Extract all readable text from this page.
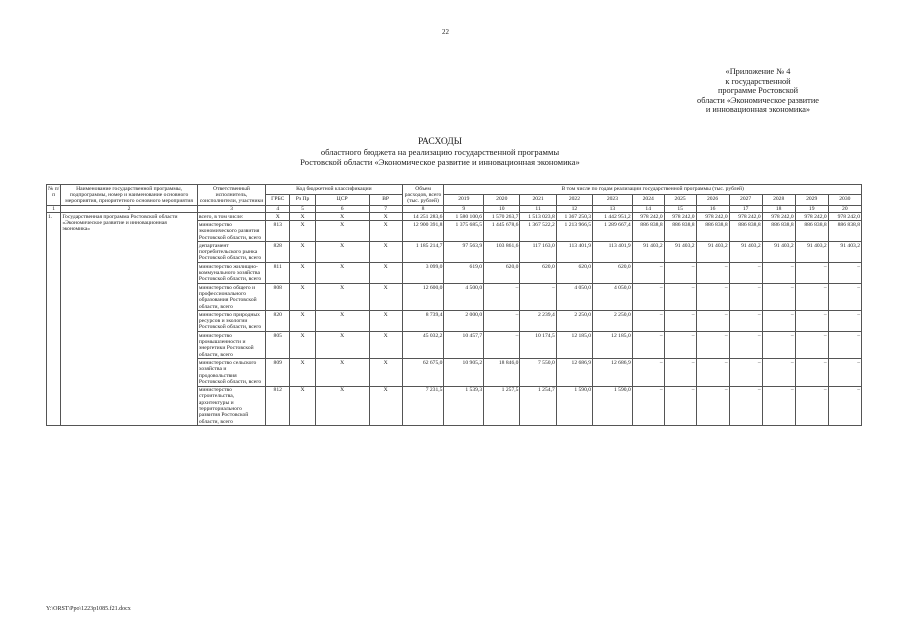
22
«Приложение № 4
к государственной
программе Ростовской
области «Экономическое развитие
и инновационная экономика»
РАСХОДЫ
областного бюджета на реализацию государственной программы
Ростовской области «Экономическое развитие и инновационная экономика»
№ п/п	Наименование государственной программы, подпрограммы, номер и наименование основного мероприятия, приоритетного основного мероприятия	Ответственный исполнитель, соисполнители, участники	Код бюджетной классификации				Объем расходов, всего (тыс. рублей)	В том числе по годам реализации государственной программы (тыс. рублей)											
			ГРБС	Рз Пр	ЦСР	ВР		2019	2020	2021	2022	2023	2024	2025	2026	2027	2028	2029	2030
1	2	3	4	5	6	7	8	9	10	11	12	13	14	15	16	17	18	19	20
1.	Государственная программа Ростовской области «Экономическое развитие и инновационная экономика»	всего, в том числе:	Х	Х	Х	Х	14 251 283,6	1 580 100,6	1 570 263,7	1 513 023,8	1 367 250,3	1 442 951,2	978 242,0	978 242,0	978 242,0	978 242,0	978 242,0	978 242,0	978 242,0
		министерство экономического развития Ростовской области, всего	813	Х	Х	Х	12 900 391,8	1 375 685,5	1 445 678,6	1 367 522,2	1 213 966,5	1 289 667,4	886 838,8	886 838,8	886 838,8	886 838,8	886 838,8	886 838,8	886 838,8
		департамент потребительского рынка Ростовской области, всего	828	Х	Х	Х	1 185 214,7	97 563,9	103 861,6	117 163,0	113 401,9	113 401,9	91 403,2	91 403,2	91 403,2	91 403,2	91 403,2	91 403,2	91 403,2
		министерство жилищно-коммунального хозяйства Ростовской области, всего	811	Х	Х	Х	3 099,0	619,0	620,0	620,0	620,0	620,0	–	–	–	–	–	–	–
		министерство общего и профессионального образования Ростовской области, всего	808	Х	Х	Х	12 600,0	4 500,0	–	–	4 050,0	4 050,0	–	–	–	–	–	–	–
		министерство природных ресурсов и экологии Ростовской области, всего	820	Х	Х	Х	8 739,4	2 000,0	–	2 239,4	2 250,0	2 250,0	–	–	–	–	–	–	–
		министерство промышленности и энергетики Ростовской области, всего	805	Х	Х	Х	45 032,2	10 457,7	–	10 174,5	12 185,0	12 185,0	–	–	–	–	–	–	–
		министерство сельского хозяйства и продовольствия Ростовской области, всего	809	Х	Х	Х	62 675,0	10 905,2	18 846,0	7 550,0	12 686,9	12 686,9	–	–	–	–	–	–	–
		министерство строительства, архитектуры и территориального развития Ростовской области, всего	812	Х	Х	Х	7 231,5	1 539,3	1 257,5	1 254,7	1 590,0	1 590,0	–	–	–	–	–	–	–
Y:\ORST\Ppo\1223p1085.f21.docx
